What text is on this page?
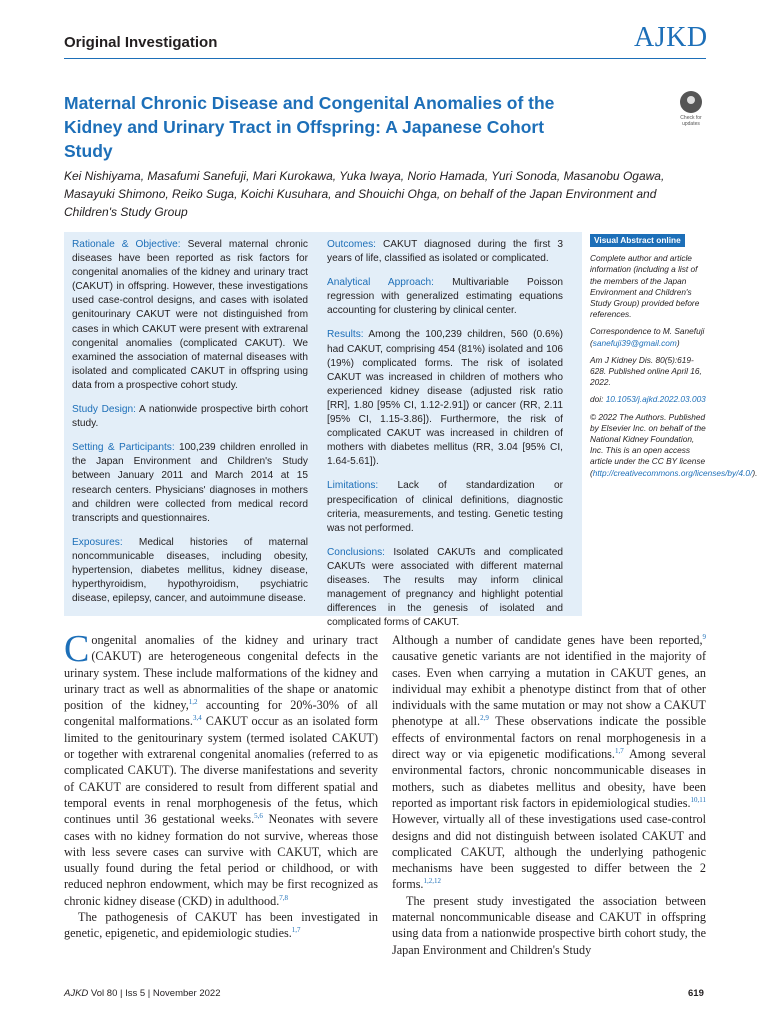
Original Investigation	AJKD
Maternal Chronic Disease and Congenital Anomalies of the Kidney and Urinary Tract in Offspring: A Japanese Cohort Study
Check for updates
Kei Nishiyama, Masafumi Sanefuji, Mari Kurokawa, Yuka Iwaya, Norio Hamada, Yuri Sonoda, Masanobu Ogawa, Masayuki Shimono, Reiko Suga, Koichi Kusuhara, and Shouichi Ohga, on behalf of the Japan Environment and Children's Study Group

Rationale & Objective: Several maternal chronic diseases have been reported as risk factors for congenital anomalies of the kidney and urinary tract (CAKUT) in offspring. However, these investigations used case-control designs, and cases with isolated genitourinary CAKUT were not distinguished from cases in which CAKUT were present with extrarenal congenital anomalies (complicated CAKUT). We examined the association of maternal diseases with isolated and complicated CAKUT in offspring using data from a prospective cohort study.

Study Design: A nationwide prospective birth cohort study.

Setting & Participants: 100,239 children enrolled in the Japan Environment and Children's Study between January 2011 and March 2014 at 15 research centers. Physicians' diagnoses in mothers and children were collected from medical record transcripts and questionnaires.

Exposures: Medical histories of maternal noncommunicable diseases, including obesity, hypertension, diabetes mellitus, kidney disease, hyperthyroidism, hypothyroidism, psychiatric disease, epilepsy, cancer, and autoimmune disease.

Outcomes: CAKUT diagnosed during the first 3 years of life, classified as isolated or complicated.

Analytical Approach: Multivariable Poisson regression with generalized estimating equations accounting for clustering by clinical center.

Results: Among the 100,239 children, 560 (0.6%) had CAKUT, comprising 454 (81%) isolated and 106 (19%) complicated forms. The risk of isolated CAKUT was increased in children of mothers who experienced kidney disease (adjusted risk ratio [RR], 1.80 [95% CI, 1.12-2.91]) or cancer (RR, 2.11 [95% CI, 1.15-3.86]). Furthermore, the risk of complicated CAKUT was increased in children of mothers with diabetes mellitus (RR, 3.04 [95% CI, 1.64-5.61]).

Limitations: Lack of standardization or prespecification of clinical definitions, diagnostic criteria, measurements, and testing. Genetic testing was not performed.

Conclusions: Isolated CAKUTs and complicated CAKUTs were associated with different maternal diseases. The results may inform clinical management of pregnancy and highlight potential differences in the genesis of isolated and complicated forms of CAKUT.

Visual Abstract online

Complete author and article information (including a list of the members of the Japan Environment and Children's Study Group) provided before references.

Correspondence to M. Sanefuji (sanefuji39@gmail.com)

Am J Kidney Dis. 80(5):619-628. Published online April 16, 2022.

doi: 10.1053/j.ajkd.2022.03.003

© 2022 The Authors. Published by Elsevier Inc. on behalf of the National Kidney Foundation, Inc. This is an open access article under the CC BY license (http://creativecommons.org/licenses/by/4.0/).

Congenital anomalies of the kidney and urinary tract (CAKUT) are heterogeneous congenital defects in the urinary system. These include malformations of the kidney and urinary tract as well as abnormalities of the shape or anatomic position of the kidney,$^{1,2}$ accounting for 20%-30% of all congenital malformations.$^{3,4}$ CAKUT occur as an isolated form limited to the genitourinary system (termed isolated CAKUT) or together with extrarenal congenital anomalies (referred to as complicated CAKUT). The diverse manifestations and severity of CAKUT are considered to result from different spatial and temporal events in renal morphogenesis of the fetus, which continues until 36 gestational weeks.$^{5,6}$ Neonates with severe cases with no kidney formation do not survive, whereas those with less severe cases can survive with CAKUT, which are usually found during the fetal period or childhood, or with reduced nephron endowment, which may be first recognized as chronic kidney disease (CKD) in adulthood.$^{7,8}$

The pathogenesis of CAKUT has been investigated in genetic, epigenetic, and epidemiologic studies.$^{1,7}$

Although a number of candidate genes have been reported,$^9$ causative genetic variants are not identified in the majority of cases. Even when carrying a mutation in CAKUT genes, an individual may exhibit a phenotype distinct from that of other individuals with the same mutation or may not show a CAKUT phenotype at all.$^{2,9}$ These observations indicate the possible effects of environmental factors on renal morphogenesis in a direct way or via epigenetic modifications.$^{1,7}$ Among several environmental factors, chronic noncommunicable diseases in mothers, such as diabetes mellitus and obesity, have been reported as important risk factors in epidemiological studies.$^{10,11}$ However, virtually all of these investigations used case-control designs and did not distinguish between isolated CAKUT and complicated CAKUT, although the underlying pathogenic mechanisms have been suggested to differ between the 2 forms.$^{1,2,12}$

The present study investigated the association between maternal noncommunicable disease and CAKUT in offspring using data from a nationwide prospective birth cohort study, the Japan Environment and Children's Study

AJKD Vol 80 | Iss 5 | November 2022	619
